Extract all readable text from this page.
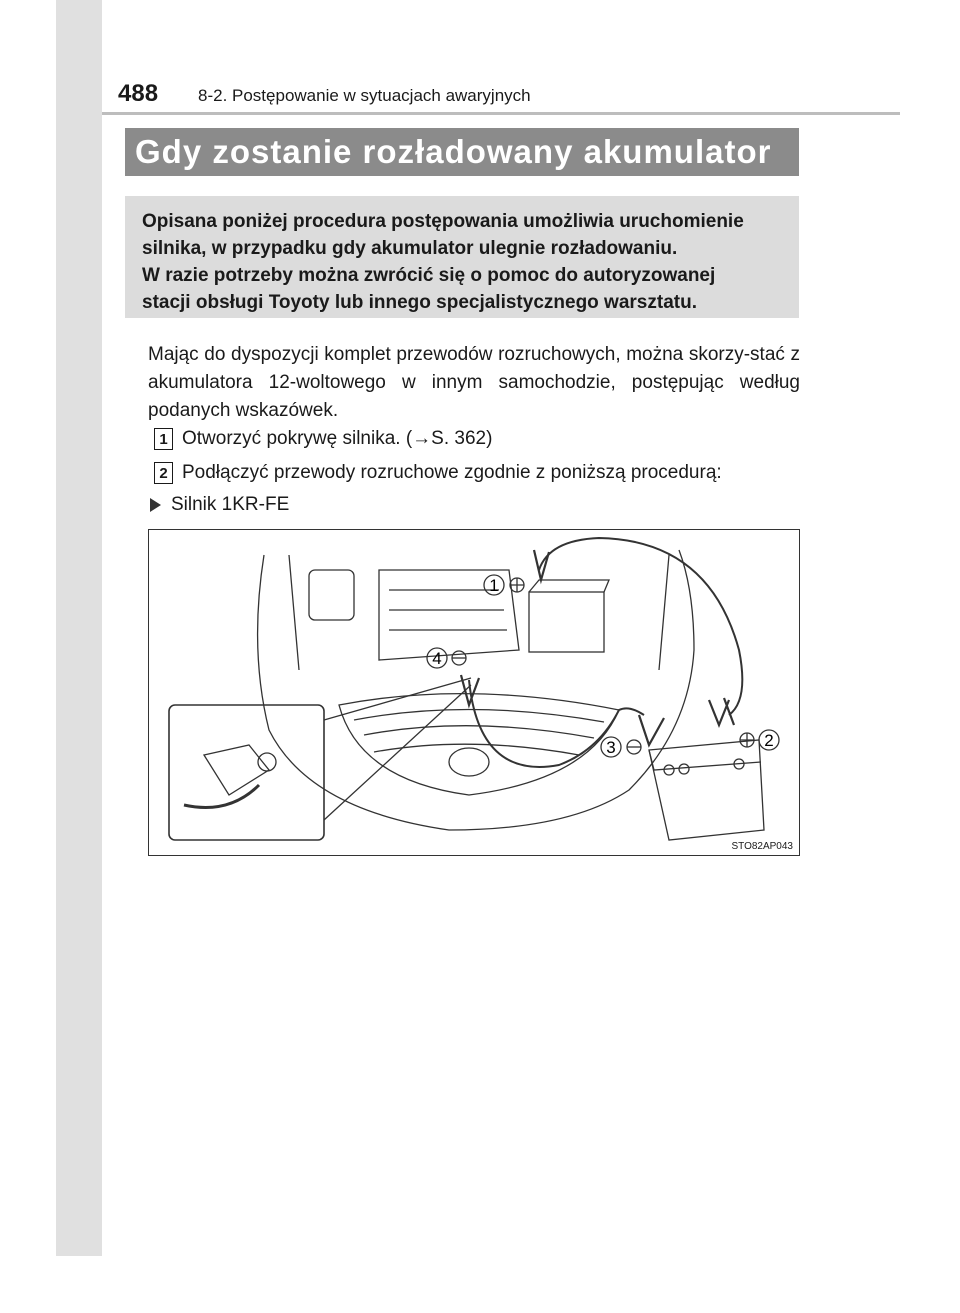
488	8-2. Postępowanie w sytuacjach awaryjnych
Gdy zostanie rozładowany akumulator
Opisana poniżej procedura postępowania umożliwia uruchomienie
silnika, w przypadku gdy akumulator ulegnie rozładowaniu.
W razie potrzeby można zwrócić się o pomoc do autoryzowanej
stacji obsługi Toyoty lub innego specjalistycznego warsztatu.
Mając do dyspozycji komplet przewodów rozruchowych, można skorzy-stać z akumulatora 12-woltowego w innym samochodzie, postępując według podanych wskazówek.
1 Otworzyć pokrywę silnika. (→S. 362)
2 Podłączyć przewody rozruchowe zgodnie z poniższą procedurą:
Silnik 1KR-FE
1
2
3
4
STO82AP043
